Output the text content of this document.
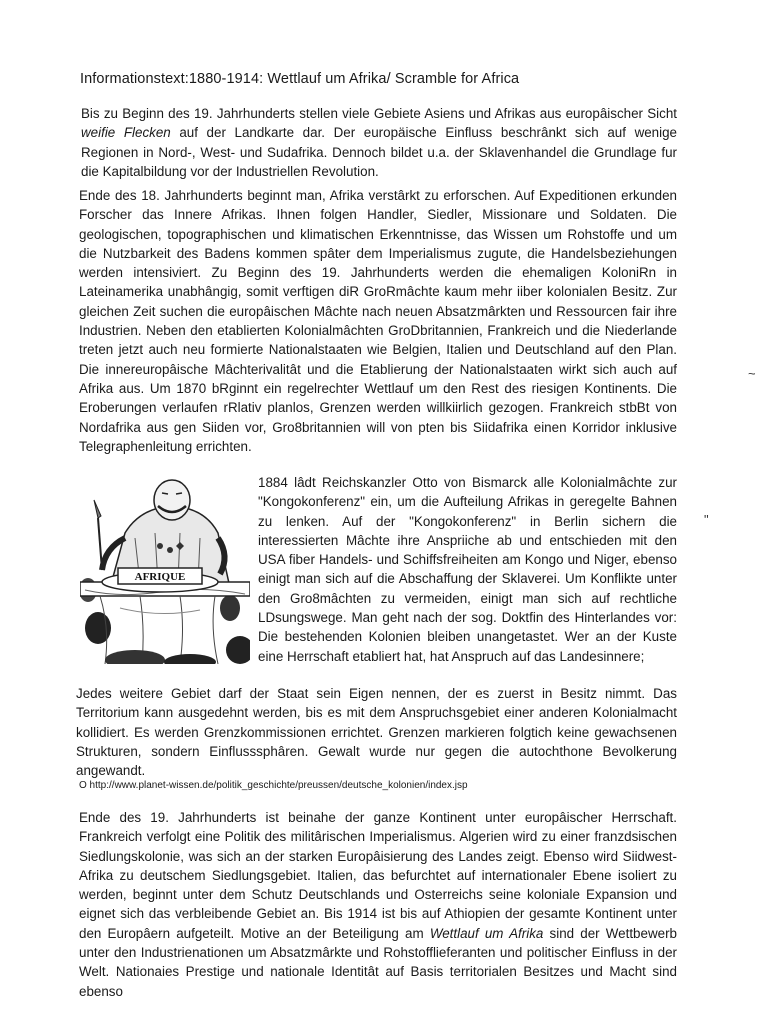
Informationstext:1880-1914: Wettlauf um Afrika/ Scramble for Africa

Bis zu Beginn des 19. Jahrhunderts stellen viele Gebiete Asiens und Afrikas aus europâischer Sicht weifie Flecken auf der Landkarte dar. Der europäische Einfluss beschrânkt sich auf wenige Regionen in Nord-, West- und Sudafrika. Dennoch bildet u.a. der Sklavenhandel die Grundlage fur die Kapitalbildung vor der Industriellen Revolution.

Ende des 18. Jahrhunderts beginnt man, Afrika verstârkt zu erforschen. Auf Expeditionen erkunden Forscher das Innere Afrikas. Ihnen folgen Handler, Siedler, Missionare und Soldaten. Die geologischen, topographischen und klimatischen Erkenntnisse, das Wissen um Rohstoffe und um die Nutzbarkeit des Badens kommen spâter dem Imperialismus zugute, die Handelsbeziehungen werden intensiviert. Zu Beginn des 19. Jahrhunderts werden die ehemaligen KoloniRn in Lateinamerika unabhângig, somit verftigen diR GroRmâchte kaum mehr iiber kolonialen Besitz. Zur gleichen Zeit suchen die europâischen Mâchte nach neuen Absatzmârkten und Ressourcen fair ihre Industrien. Neben den etablierten Kolonialmâchten GroDbritannien, Frankreich und die Niederlande treten jetzt auch neu formierte Nationalstaaten wie Belgien, Italien und Deutschland auf den Plan. Die innereuropâische Mâchterivalitât und die Etablierung der Nationalstaaten wirkt sich auch auf Afrika aus. Um 1870 bRginnt ein regelrechter Wettlauf um den Rest des riesigen Kontinents. Die Eroberungen verlaufen rRlativ planlos, Grenzen werden willkiirlich gezogen. Frankreich stbBt von Nordafrika aus gen Siiden vor, Gro8britannien will von pten bis Siidafrika einen Korridor inklusive Telegraphenleitung errichten.

AFRIQUE

1884 lâdt Reichskanzler Otto von Bismarck alle Kolonialmâchte zur "Kongokonferenz" ein, um die Aufteilung Afrikas in geregelte Bahnen zu lenken. Auf der "Kongokonferenz" in Berlin sichern die interessierten Mâchte ihre Anspriiche ab und entschieden mit den USA fiber Handels- und Schiffsfreiheiten am Kongo und Niger, ebenso einigt man sich auf die Abschaffung der Sklaverei. Um Konflikte unter den Gro8mâchten zu vermeiden, einigt man sich auf rechtliche LDsungswege. Man geht nach der sog. Doktfin des Hinterlandes vor: Die bestehenden Kolonien bleiben unangetastet. Wer an der Kuste eine Herrschaft etabliert hat, hat Anspruch auf das Landesinnere;

Jedes weitere Gebiet darf der Staat sein Eigen nennen, der es zuerst in Besitz nimmt. Das Territorium kann ausgedehnt werden, bis es mit dem Anspruchsgebiet einer anderen Kolonialmacht kollidiert. Es werden Grenzkommissionen errichtet. Grenzen markieren folgtich keine gewachsenen Strukturen, sondern Einflusssphâren. Gewalt wurde nur gegen die autochthone Bevolkerung angewandt.

O http://www.planet-wissen.de/politik_geschichte/preussen/deutsche_kolonien/index.jsp

Ende des 19. Jahrhunderts ist beinahe der ganze Kontinent unter europâischer Herrschaft. Frankreich verfolgt eine Politik des militârischen Imperialismus. Algerien wird zu einer franzdsischen Siedlungskolonie, was sich an der starken Europâisierung des Landes zeigt. Ebenso wird Siidwest- Afrika zu deutschem Siedlungsgebiet. Italien, das befurchtet auf internationaler Ebene isoliert zu werden, beginnt unter dem Schutz Deutschlands und Osterreichs seine koloniale Expansion und eignet sich das verbleibende Gebiet an. Bis 1914 ist bis auf Athiopien der gesamte Kontinent unter den Europâern aufgeteilt. Motive an der Beteiligung am Wettlauf um Afrika sind der Wettbewerb unter den Industrienationen um Absatzmârkte und Rohstofflieferanten und politischer Einfluss in der Welt. Nationaies Prestige und nationale Identitât auf Basis territorialen Besitzes und Macht sind ebenso

~
"
